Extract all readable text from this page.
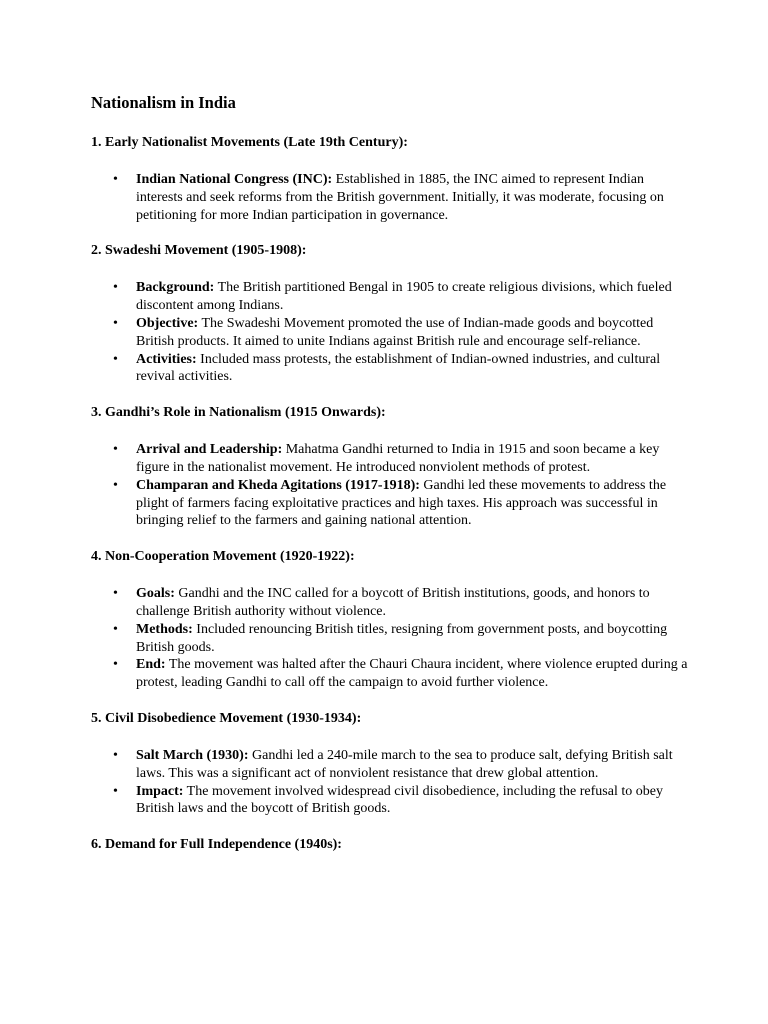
Nationalism in India
1. Early Nationalist Movements (Late 19th Century):
• Indian National Congress (INC): Established in 1885, the INC aimed to represent Indian interests and seek reforms from the British government. Initially, it was moderate, focusing on petitioning for more Indian participation in governance.
2. Swadeshi Movement (1905-1908):
• Background: The British partitioned Bengal in 1905 to create religious divisions, which fueled discontent among Indians.
• Objective: The Swadeshi Movement promoted the use of Indian-made goods and boycotted British products. It aimed to unite Indians against British rule and encourage self-reliance.
• Activities: Included mass protests, the establishment of Indian-owned industries, and cultural revival activities.
3. Gandhi’s Role in Nationalism (1915 Onwards):
• Arrival and Leadership: Mahatma Gandhi returned to India in 1915 and soon became a key figure in the nationalist movement. He introduced nonviolent methods of protest.
• Champaran and Kheda Agitations (1917-1918): Gandhi led these movements to address the plight of farmers facing exploitative practices and high taxes. His approach was successful in bringing relief to the farmers and gaining national attention.
4. Non-Cooperation Movement (1920-1922):
• Goals: Gandhi and the INC called for a boycott of British institutions, goods, and honors to challenge British authority without violence.
• Methods: Included renouncing British titles, resigning from government posts, and boycotting British goods.
• End: The movement was halted after the Chauri Chaura incident, where violence erupted during a protest, leading Gandhi to call off the campaign to avoid further violence.
5. Civil Disobedience Movement (1930-1934):
• Salt March (1930): Gandhi led a 240-mile march to the sea to produce salt, defying British salt laws. This was a significant act of nonviolent resistance that drew global attention.
• Impact: The movement involved widespread civil disobedience, including the refusal to obey British laws and the boycott of British goods.
6. Demand for Full Independence (1940s):
